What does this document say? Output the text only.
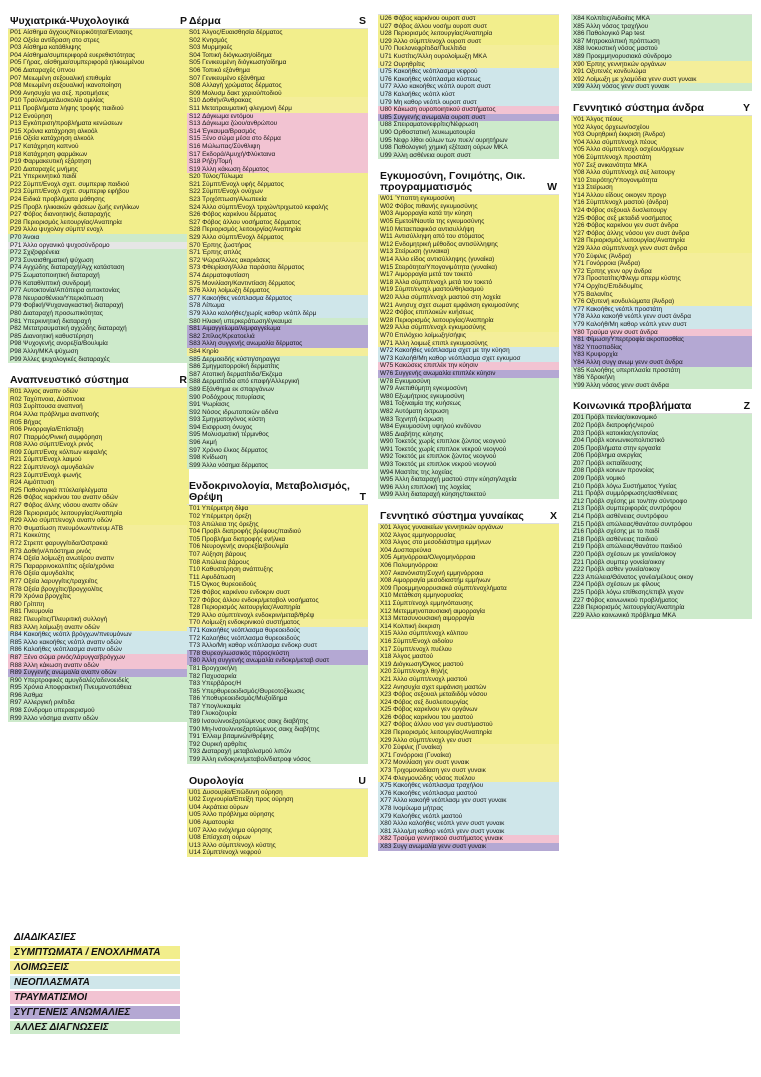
Ψυχιατρικά-Ψυχολογικά	P
P01 Αίσθημα άγχους/Νευρικότητα/Έντασης
P02 Οξεία αντίδραση στο στρες
P03 Αίσθημα κατάθλιψης
P04 Αίσθημα/συμπεριφορά ευερεθιστότητας
P05 Γήρας, αίσθημα/συμπεριφορά ηλικιωμένου
P06 Διαταραχές ύπνου
P07 Μειωμένη σεξουαλική επιθυμία
P08 Μειωμένη σεξουαλική ικανοποίηση
P09 Ανησυχία για σεξ. προτιμήσεις
P10 Τραύλισμα/Δυσκολία ομιλίας
P11 Προβλήματα λήψης τροφής παιδιού
P12 Ενούρηση
P13 Εγκόπριση/προβλήματα κενώσεων
P15 Χρόνια κατάχρηση αλκοόλ
P16 Οξεία κατάχρηση αλκοόλ
P17 Κατάχρηση καπνού
P18 Κατάχρηση φαρμάκων
P19 Φαρμακευτική εξάρτηση
P20 Διαταραχές μνήμης
P21 Υπερκινητικό παιδί
P22 Σύμπτ/Ενοχλ σχετ. συμπεριφ παιδιού
P23 Σύμπτ/Ενοχλ σχετ. συμπεριφ εφήβου
P24 Ειδικά προβλήματα μάθησης
P25 Προβλ ηλικιακών φάσεων ζωής ενηλίκων
P27 Φόβος διανοητικής διαταραχής
P28 Περιορισμός λειτουργίας/Αναπηρία
P29 Άλλο ψυχολογ σύμπτ/ ενοχλ
P70 Άνοια
P71 Άλλο οργανικό ψυχοσύνδρομο
P72 Σχιζοφρένεια
P73 Συναισθηματική ψύχωση
P74 Αγχώδης διαταραχή/Αγχ κατάσταση
P75 Σωματοποιητική διαταραχή
P76 Καταθλιπτική συνδρομή
P77 Αυτοκτονία/Απόπειρα αυτοκτονίας
P78 Νευρασθένεια/Υπερκόπωση
P79 Φοβική/Ψυχαναγκαστική διαταραχή
P80 Διαταραχή προσωπικότητας
P81 Υπερκινητική διαταραχή
P82 Μετατραυματική αγχώδης διαταραχή
P85 Διανοητική καθυστέρηση
P98 Ψυχογενής ανορεξία/Βουλιμία
P98 Άλλη/ΜΚΑ ψύχωση
P99 Άλλες ψυχολογικές διαταραχές
Αναπνευστικό σύστημα	R
R01 Άλγος αναπν οδών
R02 Ταχύπνοια, Δύσπνοια
R03 Συρίττουσα αναπνοή
R04 Άλλα πρόβλημα αναπνοής
R05 Βήχας
R06 Ρινορραγία/Επίσταξη
R07 Πταρμός/Ρινική συμφόρηση
R08 Άλλο σύμπτ/Ενοχλ ρινός
R09 Σύμπτ/Ενοχ κόλπων κεφαλής
R21 Σύμπτ/Ενοχλ λαιμού
R22 Σύμπτ/ενοχλ αμυγδαλών
R23 Σύμπτ/Ενοχλ φωνής
R24 Αιμόπτυση
R25 Παθολογικά πτύελα/φλέγματα
R26 Φόβος καρκίνου του αναπν οδών
R27 Φόβος άλλης νόσου αναπν οδών
R28 Περιορισμός λειτουργίας/Αναπηρία
R29 Άλλο σύμπτ/ενοχλ αναπν οδών
R70 Φυματίωση πνευμόνων/πνευμ ΑΤΒ
R71 Κοκκύτης
R72 Στρεπτ φαρυγγίτιδα/Οστρακιά
R73 Δοθιήν/Απόστημα ρινός
R74 Οξεία λοίμωξη ανωτέρου αναπν
R75 Παραρρινοκολπίτις οξεία/χρόνια
R76 Οξεία αμυγδαλίτις
R77 Οξεία λαρυγγίτις/τραχειίτις
R78 Οξεία βρογχίτις/βρογχιολίτις
R79 Χρόνια βρογχίτις
R80 Γρίππη
R81 Πνευμονία
R82 Πλευρίτις/Πλευριτική συλλογή
R83 Άλλη λοίμωξη αναπν οδών
R84 Κακοήθες νεόπλ βρόγχων/πνευμόνων
R85 Άλλο κακοήθες νεόπλ αναπν οδών
R86 Καλοήθες νεόπλασμα αναπν οδών
R87 Ξένο σώμα ρινός/λάρυγγα/βρόγχων
R88 Άλλη κάκωση αναπν οδών
R89 Συγγενής ανωμαλία αναπν οδών
R90 Υπερτροφικές αμυγδαλές/αδενοειδείς
R95 Χρόνια Αποφρακτική Πνευμονοπάθεια
R96 Άσθμα
R97 Αλλεργική ρινίτιδα
R98 Σύνδρομο υπεραερισμού
R99 Άλλο νόσημα αναπν οδών
Δέρμα	S
S01 Άλγος/Ευαισθησία δέρματος
S02 Κνησμός
S03 Μυρμηκιές
S04 Τοπική διόγκωση/οίδημα
S05 Γενικευμένη διόγκωση/οίδημα
S06 Τοπικό εξάνθημα
S07 Γενικευμένο εξάνθημα
S08 Αλλαγή χρώματος δέρματος
S09 Μολυσμ δακτ χεριού/ποδιού
S10 Δοθιήν/Άνθρακας
S11 Μετατραυματική φλεγμονή δέρμ
S12 Δάγκωμα εντόμου
S13 Δάγκωμα ζώου/ανθρώπου
S14 Έγκαυμα/Βρασμός
S15 Ξένο σώμα μέσα στο δέρμα
S16 Μώλωπας/Σύνθλιψη
S17 Εκδορά/Αμυχή/Φλύκταινα
S18 Ρήξη/Τομή
S19 Άλλη κάκωση δέρματος
S20 Τύλος/Τύλωμα
S21 Σύμπτ/Ενοχλ υφής δέρματος
S22 Σύμπτ/Ενοχλ ονύχων
S23 Τριχόπτωση/Αλωπεκία
S24 Άλλο σύμπτ/Ενοχλ τριχών/τριχωτού κεφαλής
S26 Φόβος καρκίνου δέρματος
S27 Φόβος άλλου νοσήματος δέρματος
S28 Περιορισμός λειτουργίας/Αναπηρία
S29 Άλλο σύμπτ/Ενοχλ δέρματος
S70 Έρπης ζωστήρας
S71 Έρπης απλός
S72 Ψώρα/Άλλες ακαριάσεις
S73 Φθειρίαση/Άλλα παράσιτα δέρματος
S74 Δερματοφυτίαση
S75 Μονιλίαση/Καντιντίαση δέρματος
S76 Άλλη λοίμωξη δέρματος
S77 Κακοήθες νεόπλασμα δέρματος
S78 Λίπωμα
S79 Άλλο καλοήθες/χωρίς καθορ νεόπλ δέρμ
S80 Ηλιακή υπερκεράτωση/έγκαυμα
S81 Αιμαγγείωμα/λεμφαγγείωμα
S82 Σπίλος/Κρεατοελιά
S83 Άλλη συγγενής ανωμαλία δέρματος
S84 Κηρίο
S85 Δερμοειδής κύστη/σηραγγα
S86 Σμηγματορροϊκή δερματίτις
S87 Ατοπική δερματίτιδα/Έκζεμα
S88 Δερματίτιδα από επαφή/Αλλεργική
S89 Εξάνθημα εκ σπαργάνων
S90 Ροδόχρους πιτυρίασις
S91 Ψωρίασις
S92 Νόσος ιδρωτοποιών αδένα
S93 Σμηγματογόνος κύστη
S94 Εισφρυση όνυχος
S95 Μολυσματική τέρμινθος
S96 Ακμή
S97 Χρόνιο έλκος δέρματος
S98 Κνίδωση
S99 Άλλο νόσημα δέρματος
Ενδοκρινολογία, Μεταβολισμός, Θρέψη	T
T01 Υπέρμετρη δίψα
T02 Υπέρμετρη όρεξη
T03 Απώλεια της όρεξης
T04 Προβλ διατροφής βρέφους/παιδιού
T05 Προβλήμα διατροφής ενήλικα
T06 Νευρογενής ανορεξία/βουλιμία
T07 Αύξηση βάρους
T08 Απώλεια βάρους
T10 Καθυστέρηση ανάπτυξης
T11 Αφυδάτωση
T15 Όγκος θυρεοειδούς
T26 Φόβος καρκίνου ενδοκριν συστ
T27 Φόβος άλλου ενδοκρ/μεταβολ νοσήματος
T28 Περιορισμός λειτουργίας/Αναπηρία
T29 Άλλο σύμπτ/ενοχλ ενδοκριν/μεταβ/θρέψ
T70 Λοίμωξη ενδοκρινικού συστήματος
T71 Κακοήθες νεόπλασμα θυρεοειδούς
T72 Καλοήθες νεόπλασμα θυρεοειδούς
T73 Άλλο/Μη καθορ νεόπλασμα ενδοκρ συστ
T78 Θυρεογλωσσικός πόρος/κύστη
T80 Άλλη συγγενής ανωμαλία ενδοκρ/μεταβ συστ
T81 Βρογχοκήλη
T82 Παχυσαρκία
T83 Υπερβάρος/Η
T85 Υπερθυρεοειδισμός/Θυρεοτοξίκωσις
T86 Υποθυρεοειδισμός/Μυξοίδημα
T87 Υπογλυκαιμία
T89 Γλυκοζουρία
T89 Ινσουλινοεξαρτώμενος σακχ διαβήτης
T90 Μη-Ινσουλινοεξαρτώμενος σακχ διαβήτης
T91 Έλλειμ βιταμινών/θρέψης
T92 Ουρική αρθρίτις
T93 Διαταραχή μεταβολισμού λιπών
T99 Άλλη ενδοκριν/μεταβολ/διατροφ νόσος
Ουρολογία	U
U01 Δυσουρία/Επώδυνη ούρηση
U02 Συχνουρία/Επείξη προς ούρηση
U04 Ακράτεια ούρων
U05 Άλλο πρόβλημα ούρησης
U06 Αιματουρία
U07 Άλλο ενόχλημα ούρησης
U08 Επίσχεση ούρων
U13 Άλλο σύμπτ/ενοχλ κύστης
U14 Σύμπτ/ενοχλ νεφρού
U26 Φόβος καρκίνου ουροπ συστ
U27 Φόβος άλλου νοσήμ ουροπ συστ
U28 Περιορισμός λειτουργίας/Αναπηρία
U29 Άλλο σύμπτ/ενοχλ ουροπ συστ
U70 Πυελονεφρίτιδα/Πυελίτιδα
U71 Κυστίτις/Άλλη ουρολοίμωξη ΜΚΑ
U72 Ουρηθρίτις
U75 Κακοήθες νεόπλασμα νεφρού
U76 Κακοήθες νεόπλασμα κύστεως
U77 Άλλο κακοήθες νεόπλ ουροπ συστ
U78 Καλοήθες νεόπλ κύστ
U79 Μη καθορ νεόπλ ουροπ συστ
U80 Κάκωση ουροποιητικού συστήματος
U85 Συγγενής ανωμαλία ουροπ συστ
U88 Σπειραματονεφρίτις/Νέφρωση
U90 Ορθοστατική λευκωματουρία
U95 Νεφρ λίθοι ούλων των πυελ/ ουρητήρων
U98 Παθολογική χημική εξέταση ούρων ΜΚΑ
U99 Άλλη ασθένεια ουροπ συστ
Εγκυμοσύνη, Γονιμότης, Οικ. προγραμματισμός	W
W01 Ύποπτη εγκυμοσύνη
W02 Φόβος πιθανής εγκυμοσύνης
W03 Αιμορραγία κατά την κύηση
W05 Εμετοί/Ναυτία της εγκυμοσύνης
W10 Μεταεπαφικόσ αντισυλλήψη
W11 Αντισύλληψη από του στόματος
W12 Ενδομητρική μέθοδος αντισύλληψης
W13 Στείρωση (γυναικα)
W14 Άλλο είδος αντισύλληψης (γυναίκα)
W15 Στειρότητα/Υπογονιμότητα (γυναίκα)
W17 Αιμορραγία μετά τον τοκετό
W18 Άλλα σύμπτ/ενοχλ μετά τον τοκετό
W19 Σύμπτ/ενοχλ μαστού/θηλασμού
W20 Άλλα σύμπτ/ενοχλ μαστού στη λοχεία
W21 Ανησυχ σχετ σωματ εμφάνιση εγκυμοσύνης
W22 Φόβος επιπλοκών κυήσεως
W28 Περιορισμός λειτουργίας/Αναπηρία
W29 Άλλα σύμπτ/ενοχλ εγκυμοσύνης
W70 Επιλόχειο λοίμωξη/σήψις
W71 Άλλη λοιμωξ επιπλ εγκυμοσύνης
W72 Κακοήθες νεόπλασμα σχετ με την κύηση
W73 Καλοήθ/Μη καθορ νεόπλασμα σχετ εγκυμοσ
W75 Κακώσεις επιπλέκ την κύησιν
W76 Συγγενής ανωμαλία επιπλέκ κύησιν
W78 Εγκυμοσύνη
W79 Ανεπιθύμητη εγκυμοσύνη
W80 Εξωμήτριος εγκυμοσύνη
W81 Τοξιναιμία της κυήσεως
W82 Αυτόματη έκτρωση
W83 Τεχνητή έκτρωση
W84 Εγκυμοσύνη υψηλού κινδύνου
W85 Διαβήτης κύησης
W90 Τοκετός χωρίς επιπλοκ ζώντος νεογνού
W91 Τοκετός χωρίς επιπλοκ νεκρού νεογνού
W92 Τοκετός με επιπλοκ ζώντος νεογνού
W93 Τοκετός με επιπλοκ νεκρού νεογνού
W94 Μαστίτις της λοχείας
W95 Άλλη διαταραχή μαστού στην κύηση/λοχεία
W96 Άλλη επιπλοκή της λοχείας
W99 Άλλη διαταραχή κύησης/τοκετού
Γεννητικό σύστημα γυναίκας X
X01 Άλγος γυναικείων γεννητικών οργάνων
X02 Άλγος εμμηνορρυσίας
X03 Άλγος στο μεσοδιάστημα εμμήνων
X04 Δυσπαρεύνια
X05 Αμηνόρροια/Ολιγομηνόρροια
X06 Πολυμηνόρροια
X07 Ακανόνιστη/Συχνή εμμηνόρροια
X08 Αιμορραγία μεσοδιαστήμ εμμήνων
X09 Προεμμηνορρυσιακά σύμπτ/ενοχλήματα
X10 Μετάθεση εμμηνορυσίας
X11 Σύμπτ/ενοχλ εμμηνόπαυσης
X12 Μετεμμηνοπαυσιακή αιμορραγία
X13 Μετασυνουσιακή αιμορραγία
X14 Κολπική έκκριση
X15 Άλλο σύμπτ/ενοχλ κόλπου
X16 Σύμπτ/Ενοχλ αιδοίου
X17 Σύμπτ/ενοχλ πυέλου
X18 Άλγος μαστού
X19 Διόγκωση/Όγκος μαστού
X20 Σύμπτ/ενοχλ θηλής
X21 Άλλο σύμπτ/ενοχλ μαστού
X22 Ανησυχία σχετ εμφάνιση μαστών
X23 Φόβος σεξουαλ μεταδιδόμ νόσου
X24 Φόβος σεξ δυσλειτουργίας
X25 Φόβος καρκίνου γεν οργάνων
X26 Φόβος καρκίνου του μαστού
X27 Φόβος άλλου νοσ γεν συστ/μαστού
X28 Περιορισμός λειτουργίας/Αναπηρία
X29 Άλλο σύμπτ/ενοχλ γεν συστ
X70 Σύφιλις (Γυναίκα)
X71 Γονόρροια (Γυναίκα)
X72 Μονιλίαση γεν συστ γυναικ
X73 Τριχομοναδίαση γεν συστ γυναικ
X74 Φλεγμονώδης νόσος πυέλου
X75 Κακοήθες νεόπλασμα τραχήλου
X76 Κακοήθες νεόπλασμα μαστού
X77 Άλλο κακοήθ νεόπλασμ γεν συστ γυναικ
X78 Ινομύωμα μήτρας
X79 Καλοήθες νεόπλ μαστού
X80 Άλλο καλοήθες νεόπλ γενν συστ γυναικ
X81 Άλλο/μη καθορ νεόπλ γενν συστ γυναικ
X82 Τραύμα γεννητικού συστήματος γυναικ
X83 Συγγ ανωμαλία γενν συστ γυναικ
X84 Κολπίτις/Αιδοιίτις ΜΚΑ
X85 Άλλη νόσος τραχήλου
X86 Παθολογικό Pap test
X87 Μητροκολπική πρόπτωση
X88 Ινοκυστική νόσος μαστού
X89 Προεμμηνορυσιακό σύνδρομο
X90 Έρπης γεννητικών οργάνων
X91 Οξυτενές κονδυλώμα
X92 Λοίμωξη με χλαμύδια γενν συστ γυναικ
X99 Άλλη νόσος γενν συστ γυναικ
Γεννητικό σύστημα άνδρα	Y
Y01 Άλγος πέους
Y02 Άλγος όρχεων/οσχέου
Y03 Ουρηθρική έκκριση (Άνδρα)
Y04 Άλλο σύμπτ/ενοχλ πέους
Y05 Άλλο σύμπτ/ενοχλ οσχέου/όρχεων
Y06 Σύμπτ/ενοχλ προστάτη
Y07 Σεξ ανικανότητα ΜΚΑ
Y08 Άλλο σύμπτ/ενοχλ σεξ λειτουργ
Y10 Στειρότης/Υπογονιμότητα
Y13 Στείρωση
Y14 Άλλου είδους οικογεν προγρ
Y16 Σύμπτ/ενοχλ μαστού (άνδρα)
Y24 Φόβος σεξουαλ δυσλειτουργ
Y25 Φόβος σεξ μεταδιδ νοσήματος
Y26 Φόβος καρκίνου γεν συστ άνδρα
Y27 Φόβος άλλης νόσου γεν συστ άνδρα
Y28 Περιορισμός λειτουργίας/Αναπηρία
Y29 Άλλο σύμπτ/ενοχλ γενν συστ άνδρα
Y70 Σύφιλις (Άνδρα)
Y71 Γονόρροια (Άνδρα)
Y72 Έρπης γενν οργ άνδρα
Y73 Προστατίτις/Φλεγμ σπερμ κύστης
Y74 Ορχίτις/Επιδιδυμίτις
Y75 Βαλανίτις
Y76 Οξυτενή κονδυλώματα (Άνδρα)
Y77 Κακοήθες νεόπλ προστάτη
Y78 Άλλο κακοήθ νεόπλ γενν συστ άνδρα
Y79 Καλοήθ/Μη καθορ νεόπλ γενν συστ
Y80 Τραύμα γενν συστ άνδρα
Y81 Φίμωση/Υπερτροφία ακροποσθίας
Y82 Υποσπαδίας
Y83 Κρυψορχία
Y84 Άλλη συγγ ανωμ γενν συστ άνδρα
Y85 Καλοήθης υπερπλασία προστάτη
Y86 Υδροκήλη
Y99 Άλλη νόσος γενν συστ άνδρα
Κοινωνικά προβλήματα	Z
Z01 Πρόβλ πενίας/οικονομικό
Z02 Πρόβλ διατροφής/νερού
Z03 Πρόβλ κατοικίας/γειτονίας
Z04 Πρόβλ κοινωνικοπολιτιστικό
Z05 Προβλήματα στην εργασία
Z06 Πρόβλημα ανεργίας
Z07 Πρόβλ εκπαίδευσης
Z08 Πρόβλ κοινων προνοίας
Z09 Πρόβλ νομικό
Z10 Πρόβλ λόγω Συστήματος Υγείας
Z11 Πρόβλ συμμόρφωσης/ασθένειας
Z12 Πρόβλ σχέσης με τον/την σύντροφο
Z13 Πρόβλ συμπεριφοράς συντρόφου
Z14 Πρόβλ ασθένειας συντρόφου
Z15 Πρόβλ απώλειας/θανάτου συντρόφου
Z16 Πρόβλ σχέσης με το παιδί
Z18 Πρόβλ ασθένειας παιδιού
Z19 Πρόβλ απώλειας/θανάτου παιδιού
Z20 Πρόβλ σχέσεων με γονεία/οικογ
Z21 Πρόβλ συμπερ γονεία/οικογ
Z22 Πρόβλ ασθεν γονεία/οικογ
Z23 Απώλεια/Θάνατος γονέα/μέλους οικογ
Z24 Πρόβλ σχέσεων με φίλους
Z25 Πρόβλ λόγω επίθεσης/επιβλ γεγον
Z27 Φόβος κοινωνικού προβλήματος
Z28 Περιορισμός λειτουργίας/Αναπηρία
Z29 Άλλο κοινωνικό πρόβλημα ΜΚΑ
ΔΙΑΔΙΚΑΣΙΕΣ
ΣΥΜΠΤΩΜΑΤΑ / ΕΝΟΧΛΗΜΑΤΑ
ΛΟΙΜΩΞΕΙΣ
ΝΕΟΠΛΑΣΜΑΤΑ
ΤΡΑΥΜΑΤΙΣΜΟΙ
ΣΥΓΓΕΝΕΙΣ ΑΝΩΜΑΛΙΕΣ
ΑΛΛΕΣ ΔΙΑΓΝΩΣΕΙΣ
